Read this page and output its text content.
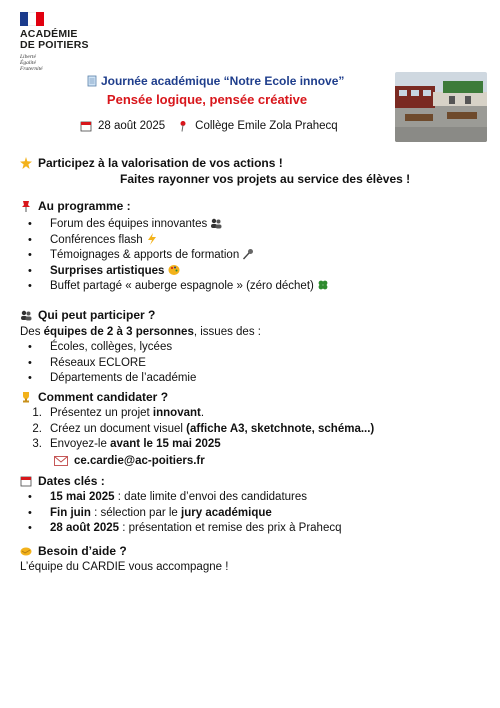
ACADÉMIE
DE POITIERS
Liberté
Égalité
Fraternité
Journée académique “Notre Ecole innove”
Pensée logique, pensée créative
28 août 2025	Collège Emile Zola Prahecq
Participez à la valorisation de vos actions !
Faites rayonner vos projets au service des élèves !
Au programme :
• Forum des équipes innovantes
• Conférences flash
• Témoignages & apports de formation
• Surprises artistiques
• Buffet partagé « auberge espagnole » (zéro déchet)
Qui peut participer ?
Des équipes de 2 à 3 personnes, issues des :
• Écoles, collèges, lycées
• Réseaux ECLORE
• Départements de l’académie
Comment candidater ?
1. Présentez un projet innovant.
2. Créez un document visuel (affiche A3, sketchnote, schéma...)
3. Envoyez-le avant le 15 mai 2025
ce.cardie@ac-poitiers.fr
Dates clés :
• 15 mai 2025 : date limite d’envoi des candidatures
• Fin juin : sélection par le jury académique
• 28 août 2025 : présentation et remise des prix à Prahecq
Besoin d’aide ?
L’équipe du CARDIE vous accompagne !
